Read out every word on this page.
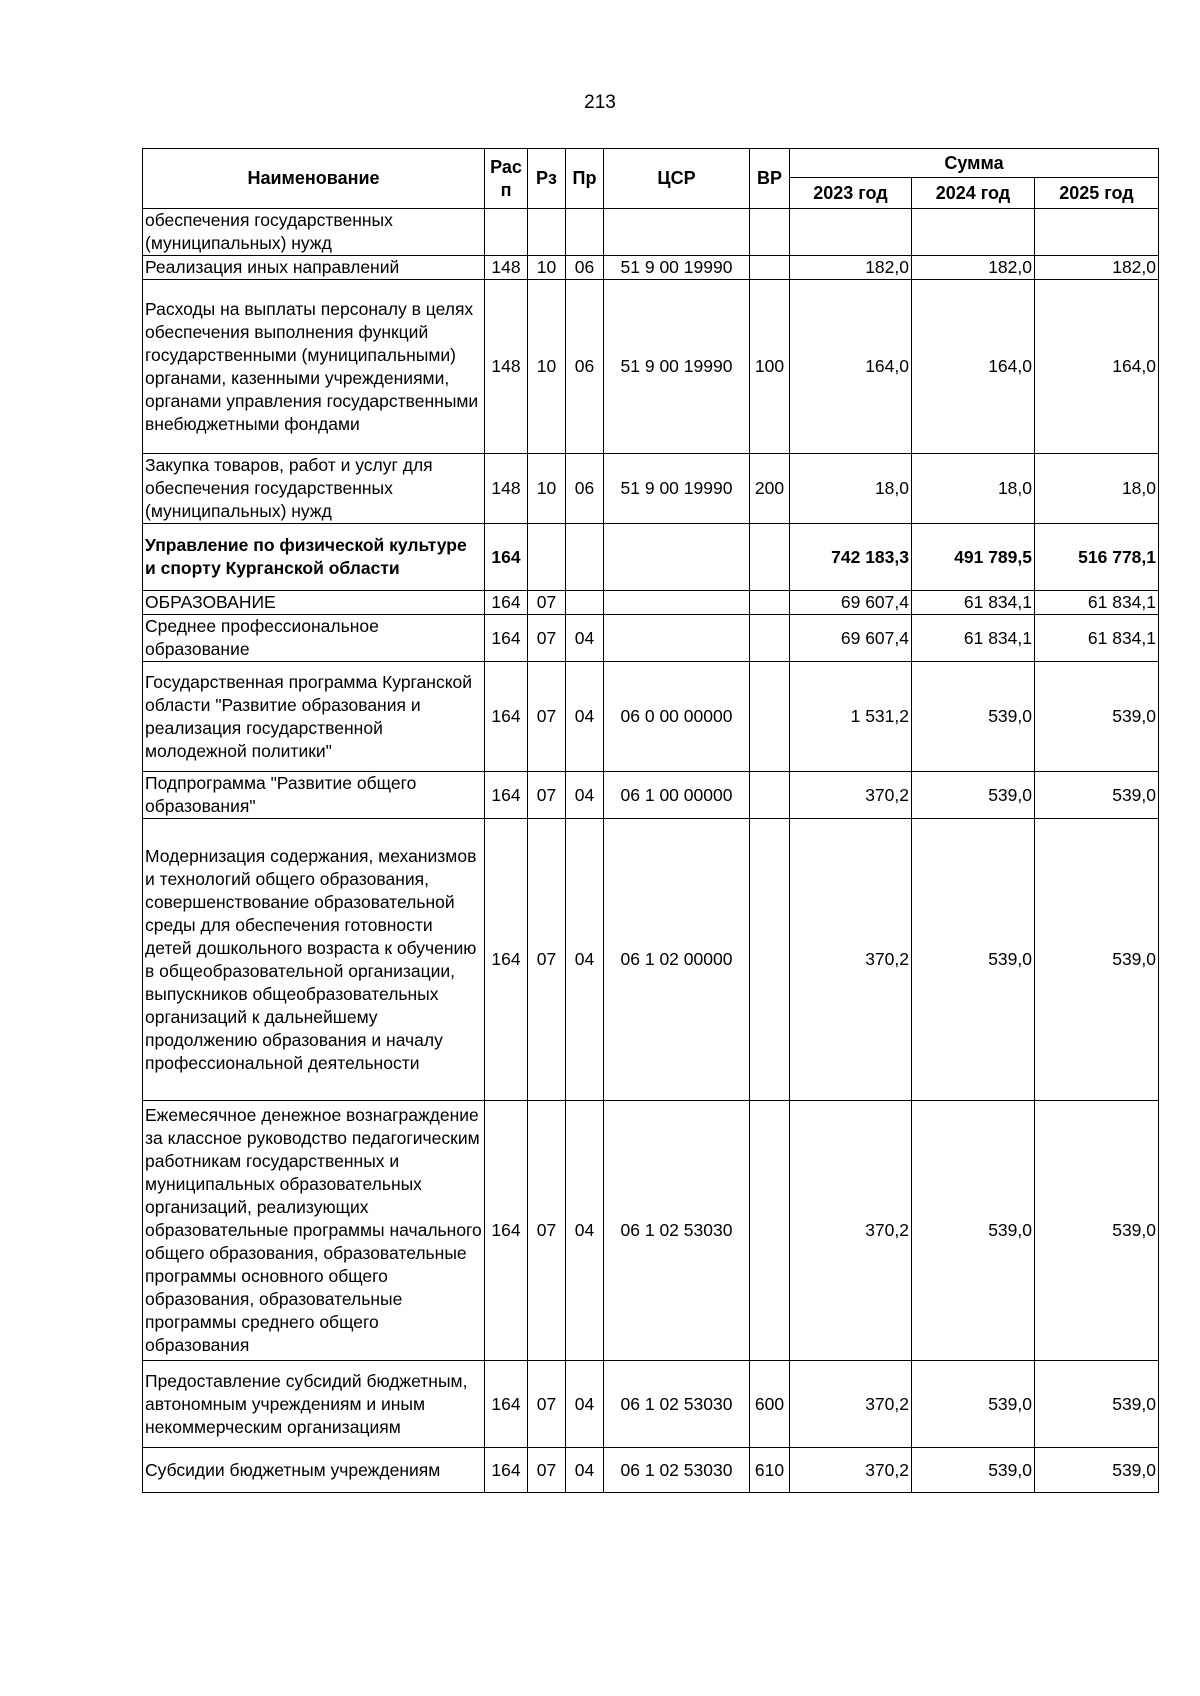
213
Наименование	Рас п	Рз	Пр	ЦСР	ВР	Сумма		
						2023 год	2024 год	2025 год
обеспечения государственных (муниципальных) нужд								
Реализация иных направлений	148	10	06	51 9 00 19990		182,0	182,0	182,0
Расходы на выплаты персоналу в целях обеспечения выполнения функций государственными (муниципальными) органами, казенными учреждениями, органами управления государственными внебюджетными фондами	148	10	06	51 9 00 19990	100	164,0	164,0	164,0
Закупка товаров, работ и услуг для обеспечения государственных (муниципальных) нужд	148	10	06	51 9 00 19990	200	18,0	18,0	18,0
Управление по физической культуре и спорту Курганской области	164					742 183,3	491 789,5	516 778,1
ОБРАЗОВАНИЕ	164	07				69 607,4	61 834,1	61 834,1
Среднее профессиональное образование	164	07	04			69 607,4	61 834,1	61 834,1
Государственная программа Курганской области "Развитие образования и реализация государственной молодежной политики"	164	07	04	06 0 00 00000		1 531,2	539,0	539,0
Подпрограмма "Развитие общего образования"	164	07	04	06 1 00 00000		370,2	539,0	539,0
Модернизация содержания, механизмов и технологий общего образования, совершенствование образовательной среды для обеспечения готовности детей дошкольного возраста к обучению в общеобразовательной организации, выпускников общеобразовательных организаций к дальнейшему продолжению образования и началу профессиональной деятельности	164	07	04	06 1 02 00000		370,2	539,0	539,0
Ежемесячное денежное вознаграждение за классное руководство педагогическим работникам государственных и муниципальных образовательных организаций, реализующих образовательные программы начального общего образования, образовательные программы основного общего образования, образовательные программы среднего общего образования	164	07	04	06 1 02 53030		370,2	539,0	539,0
Предоставление субсидий бюджетным, автономным учреждениям и иным некоммерческим организациям	164	07	04	06 1 02 53030	600	370,2	539,0	539,0
Субсидии бюджетным учреждениям	164	07	04	06 1 02 53030	610	370,2	539,0	539,0
